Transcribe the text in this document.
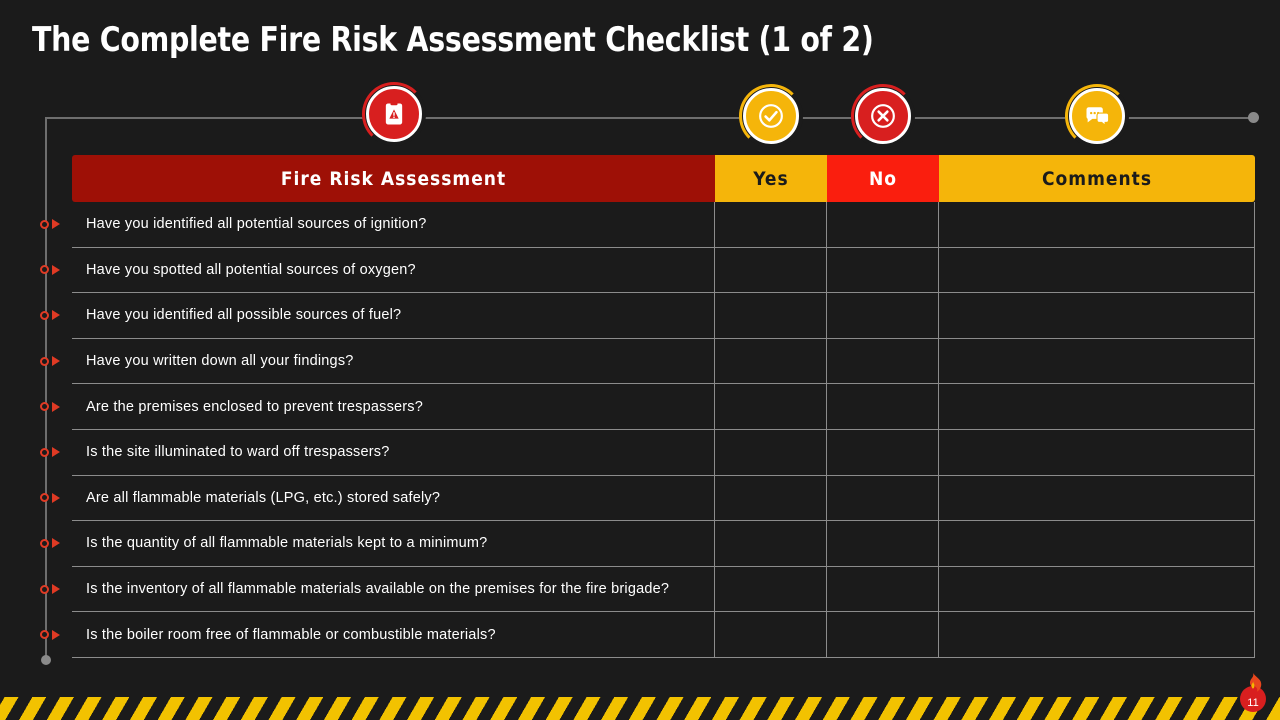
The Complete Fire Risk Assessment Checklist (1 of 2)
Fire Risk Assessment	Yes	No	Comments
Have you identified all potential sources of ignition?
Have you spotted all potential sources of oxygen?
Have you identified all possible sources of fuel?
Have you written down all your findings?
Are the premises enclosed to prevent trespassers?
Is the site illuminated to ward off trespassers?
Are all flammable materials (LPG, etc.) stored safely?
Is the quantity of all flammable materials kept to a minimum?
Is the inventory of all flammable materials available on the premises for the fire brigade?
Is the boiler room free of flammable or combustible materials?
11
